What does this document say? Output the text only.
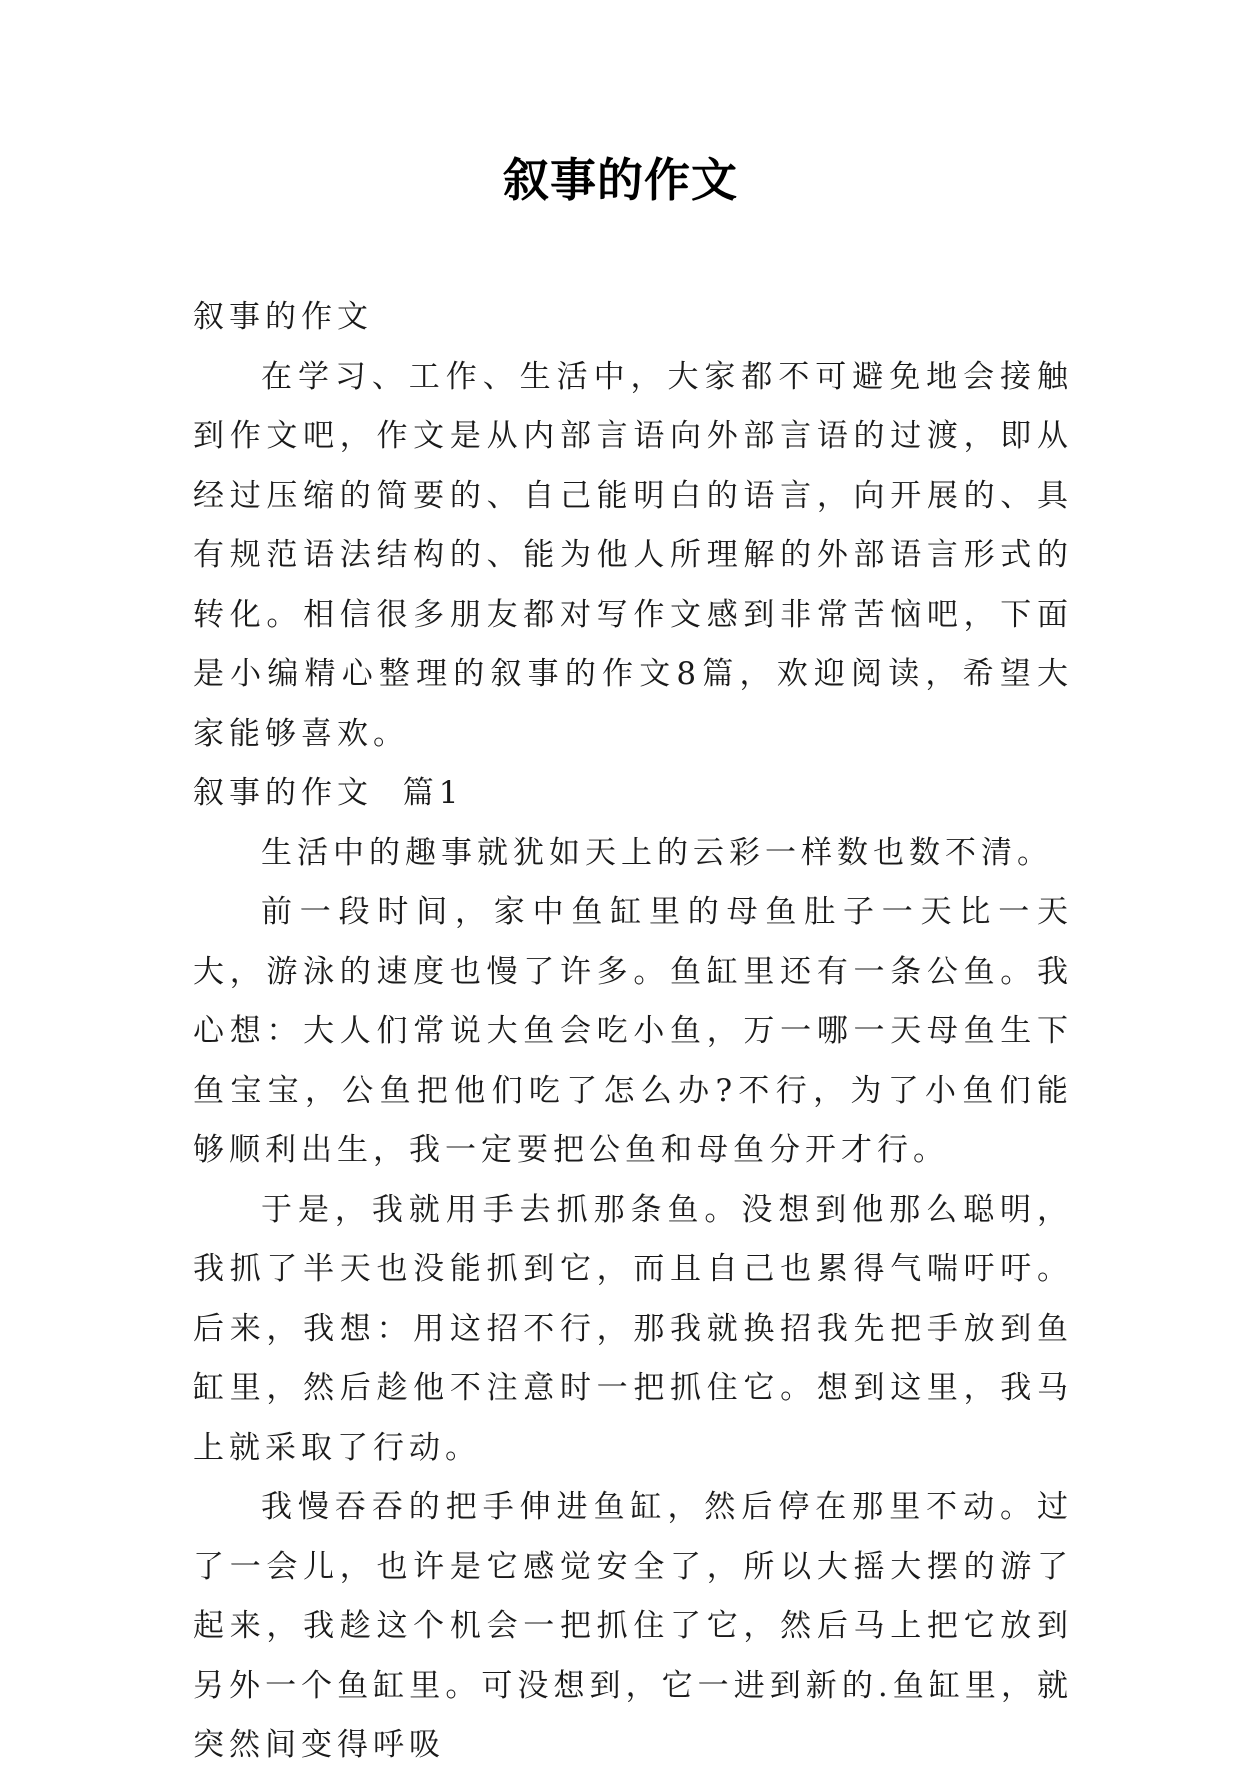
叙事的作文

叙事的作文

在学习、工作、生活中，大家都不可避免地会接触到作文吧，作文是从内部言语向外部言语的过渡，即从经过压缩的简要的、自己能明白的语言，向开展的、具有规范语法结构的、能为他人所理解的外部语言形式的转化。相信很多朋友都对写作文感到非常苦恼吧，下面是小编精心整理的叙事的作文8篇，欢迎阅读，希望大家能够喜欢。

叙事的作文  篇1

生活中的趣事就犹如天上的云彩一样数也数不清。

前一段时间，家中鱼缸里的母鱼肚子一天比一天大，游泳的速度也慢了许多。鱼缸里还有一条公鱼。我心想：大人们常说大鱼会吃小鱼，万一哪一天母鱼生下鱼宝宝，公鱼把他们吃了怎么办?不行，为了小鱼们能够顺利出生，我一定要把公鱼和母鱼分开才行。

于是，我就用手去抓那条鱼。没想到他那么聪明，我抓了半天也没能抓到它，而且自己也累得气喘吁吁。后来，我想：用这招不行，那我就换招我先把手放到鱼缸里，然后趁他不注意时一把抓住它。想到这里，我马上就采取了行动。

我慢吞吞的把手伸进鱼缸，然后停在那里不动。过了一会儿，也许是它感觉安全了，所以大摇大摆的游了起来，我趁这个机会一把抓住了它，然后马上把它放到另外一个鱼缸里。可没想到，它一进到新的.鱼缸里，就突然间变得呼吸
